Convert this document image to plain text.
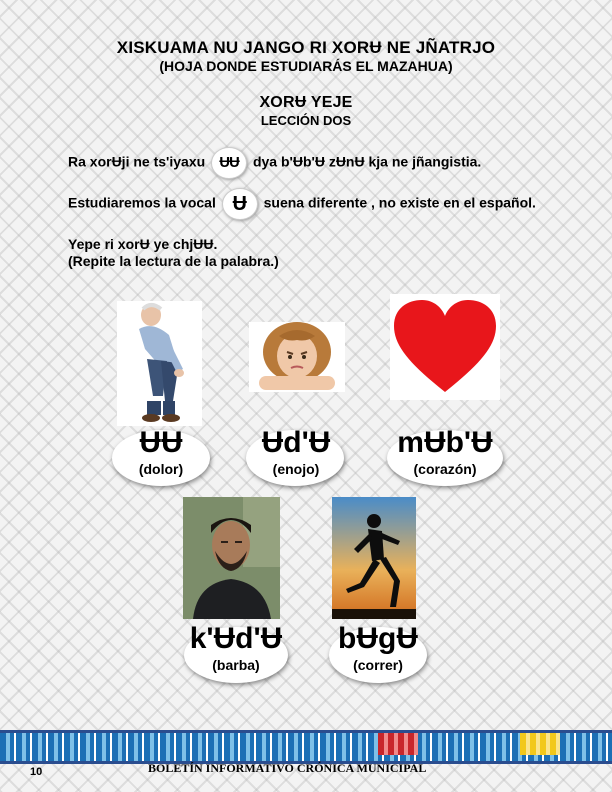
XISKUAMA NU JANGO RI XORɄ NE JÑATRJO
(HOJA DONDE ESTUDIARÁS EL MAZAHUA)
XORɄ YEJE
LECCIÓN DOS
Ra xorɄji ne ts'iyaxu ɄɄ dya b'Ʉb'Ʉ zɄnɄ kja ne jñangistia.
Estudiaremos la vocal Ʉ suena diferente , no existe en el español.
Yepe ri xorɄ ye chjɄɄ.
(Repite la lectura de la palabra.)
ɄɄ
(dolor)
Ʉd'Ʉ
(enojo)
mɄb'Ʉ
(corazón)
k'Ʉd'Ʉ
(barba)
bɄgɄ
(correr)
10	BOLETÍN INFORMATIVO CRÓNICA MUNICIPAL
